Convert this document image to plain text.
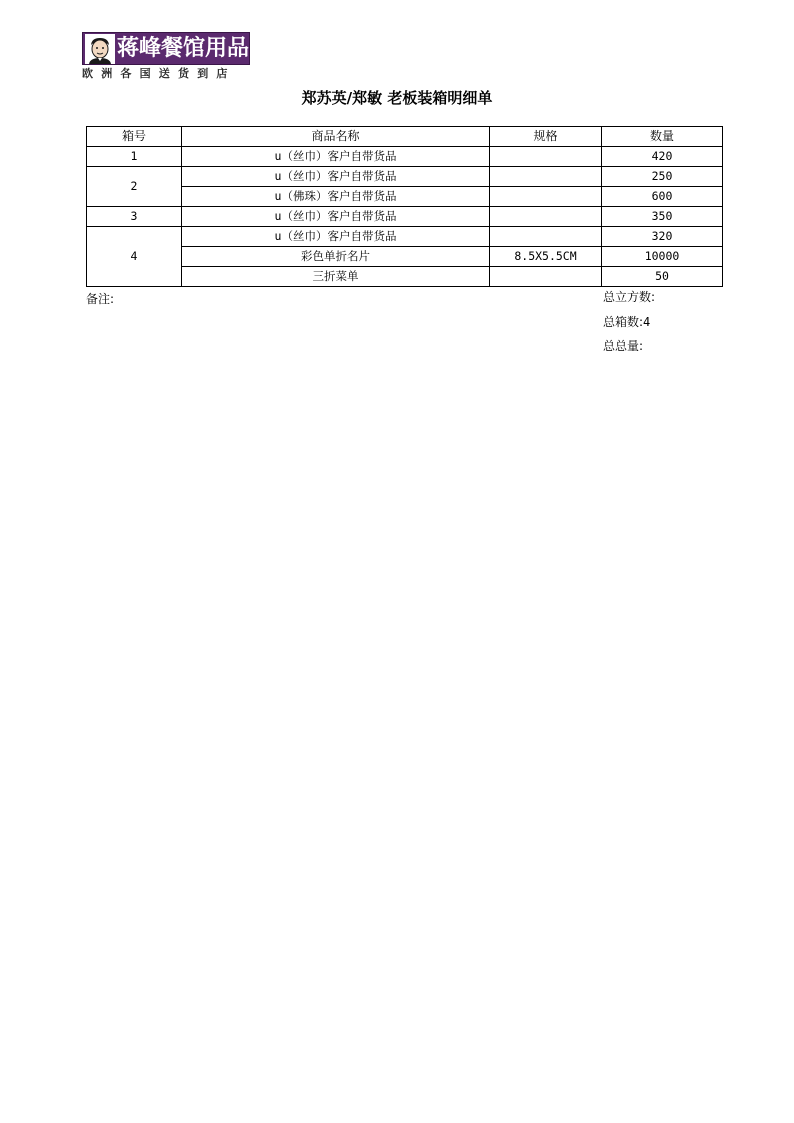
蒋峰餐馆用品
欧洲各国送货到店
郑苏英/郑敏 老板装箱明细单
箱号	商品名称	规格	数量
1	u（丝巾）客户自带货品		420
2	u（丝巾）客户自带货品		250
	u（佛珠）客户自带货品		600
3	u（丝巾）客户自带货品		350
4	u（丝巾）客户自带货品		320
	彩色单折名片	8.5X5.5CM	10000
	三折菜单		50
备注:	总立方数:
总箱数:4
总总量:
